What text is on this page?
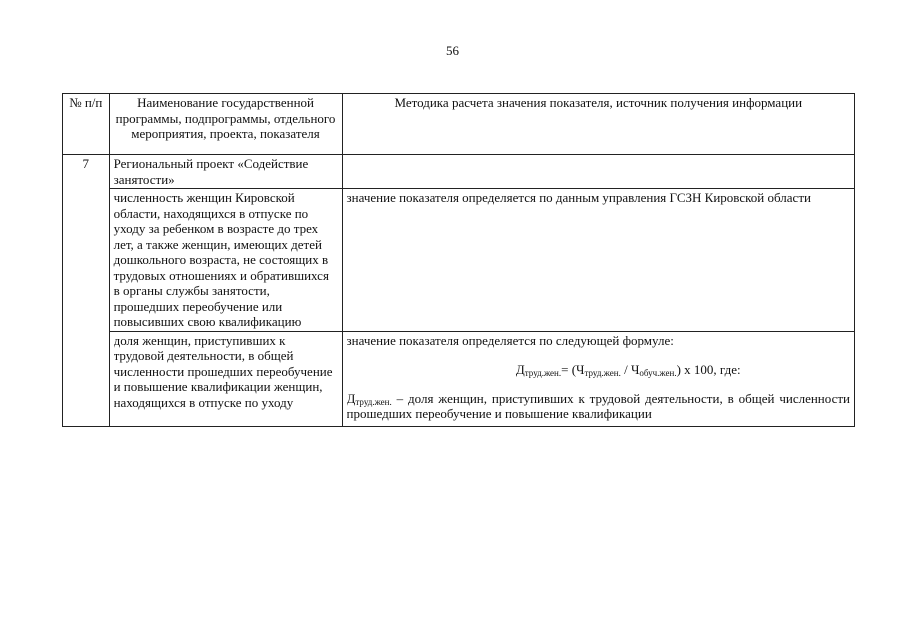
56
№ п/п	Наименование государственной программы, подпрограммы, отдельного мероприятия, проекта, показателя	Методика расчета значения показателя, источник получения информации
7	Региональный проект «Содействие занятости»	
	численность женщин Кировской области, находящихся в отпуске по уходу за ребенком в возрасте до трех лет, а также женщин, имеющих детей дошкольного возраста, не состоящих в трудовых отношениях и обратившихся в органы службы занятости, прошедших переобучение или повысивших свою квалификацию	значение показателя определяется по данным управления ГСЗН Кировской области

	доля женщин, приступивших к трудовой деятельности, в общей численности прошедших переобучение и повышение квалификации женщин, находящихся в отпуске по уходу	значение показателя определяется по следующей формуле:
$Д_{труд.жен.}= (Ч_{труд.жен.} / Ч_{обуч.жен.})$ х 100, где:
$Д_{труд.жен.}$ – доля женщин, приступивших к трудовой деятельности, в общей численности прошедших переобучение и повышение квалификации
